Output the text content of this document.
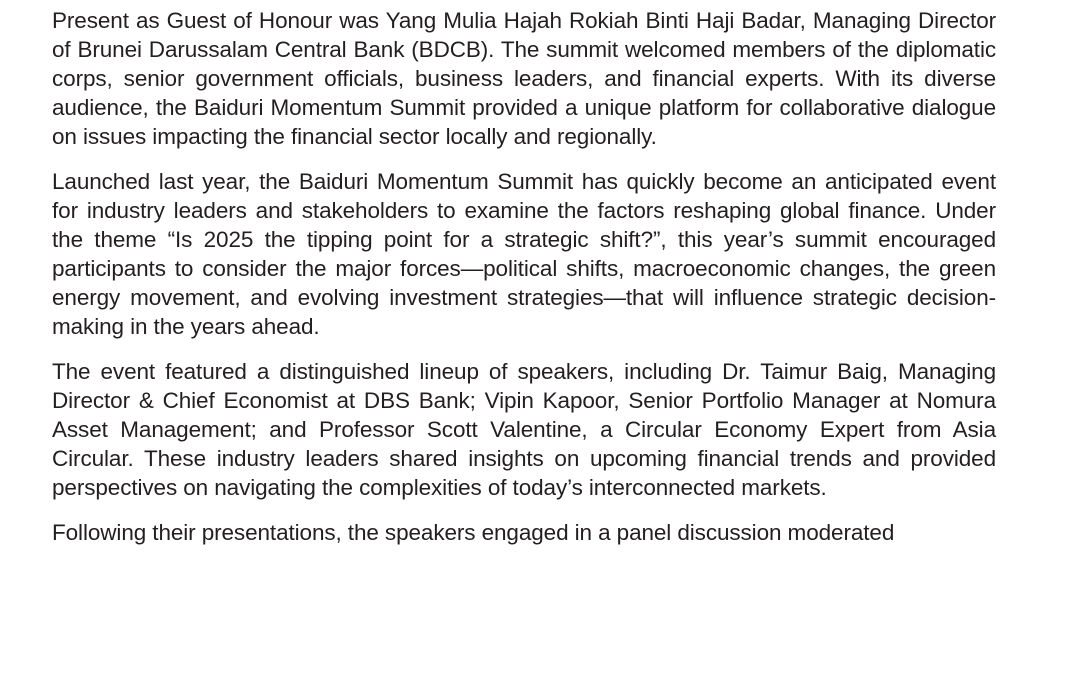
Present as Guest of Honour was Yang Mulia Hajah Rokiah Binti Haji Badar, Managing Director of Brunei Darussalam Central Bank (BDCB). The summit welcomed members of the diplomatic corps, senior government officials, business leaders, and financial experts. With its diverse audience, the Baiduri Momentum Summit provided a unique platform for collaborative dialogue on issues impacting the financial sector locally and regionally.

Launched last year, the Baiduri Momentum Summit has quickly become an anticipated event for industry leaders and stakeholders to examine the factors reshaping global finance. Under the theme “Is 2025 the tipping point for a strategic shift?”, this year’s summit encouraged participants to consider the major forces—political shifts, macroeconomic changes, the green energy movement, and evolving investment strategies—that will influence strategic decision-making in the years ahead.

The event featured a distinguished lineup of speakers, including Dr. Taimur Baig, Managing Director & Chief Economist at DBS Bank; Vipin Kapoor, Senior Portfolio Manager at Nomura Asset Management; and Professor Scott Valentine, a Circular Economy Expert from Asia Circular. These industry leaders shared insights on upcoming financial trends and provided perspectives on navigating the complexities of today’s interconnected markets.

Following their presentations, the speakers engaged in a panel discussion moderated
